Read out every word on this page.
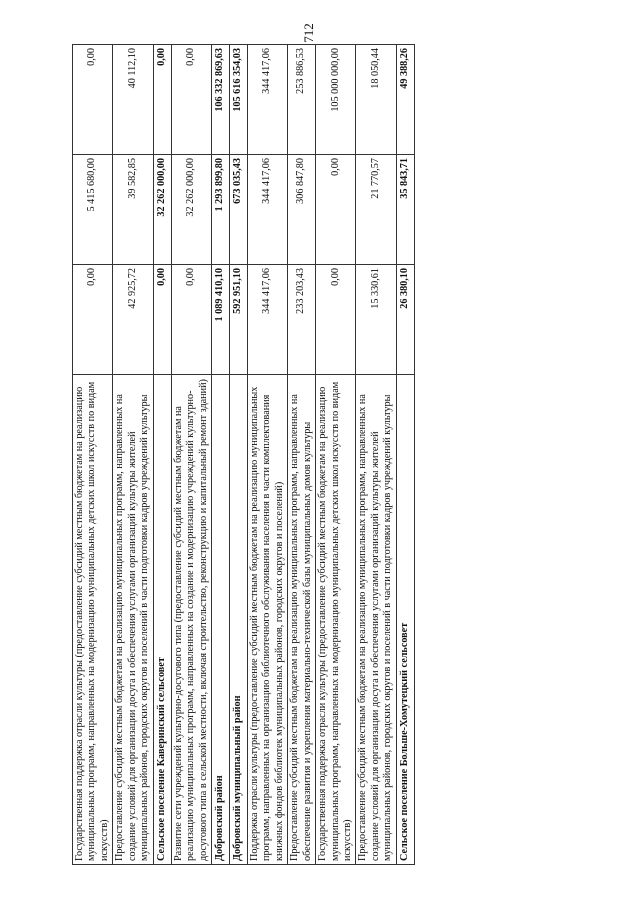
712
Государственная поддержка отрасли культуры (предоставление субсидий местным бюджетам на реализацию муниципальных программ, направленных на модернизацию муниципальных детских школ искусств по видам искусств)	0,00	5 415 680,00	0,00
Предоставление субсидий местным бюджетам на реализацию муниципальных программ, направленных на создание условий для организации досуга и обеспечения услугами организаций культуры жителей муниципальных районов, городских округов и поселений в части подготовки кадров учреждений культуры	42 925,72	39 582,85	40 112,10
Сельское поселение Каверинский сельсовет	0,00	32 262 000,00	0,00
Развитие сети учреждений культурно-досугового типа (предоставление субсидий местным бюджетам на реализацию муниципальных программ, направленных на создание и модернизацию учреждений культурно-досугового типа в сельской местности, включая строительство, реконструкцию и капитальный ремонт зданий)	0,00	32 262 000,00	0,00
Добровский район	1 089 410,10	1 293 899,80	106 332 869,63
Добровский муниципальный район	592 951,10	673 035,43	105 616 354,03
Поддержка отрасли культуры (предоставление субсидий местным бюджетам на реализацию муниципальных программ, направленных на организацию библиотечного обслуживания населения в части комплектования книжных фондов библиотек муниципальных районов, городских округов и поселений)	344 417,06	344 417,06	344 417,06
Предоставление субсидий местным бюджетам на реализацию муниципальных программ, направленных на обеспечение развития и укрепления материально-технической базы муниципальных домов культуры	233 203,43	306 847,80	253 886,53
Государственная поддержка отрасли культуры (предоставление субсидий местным бюджетам на реализацию муниципальных программ, направленных на модернизацию муниципальных детских школ искусств по видам искусств)	0,00	0,00	105 000 000,00
Предоставление субсидий местным бюджетам на реализацию муниципальных программ, направленных на создание условий для организации досуга и обеспечения услугами организаций культуры жителей муниципальных районов, городских округов и поселений в части подготовки кадров учреждений культуры	15 330,61	21 770,57	18 050,44
Сельское поселение Больше-Хомутецкий сельсовет	26 380,10	35 843,71	49 388,26
